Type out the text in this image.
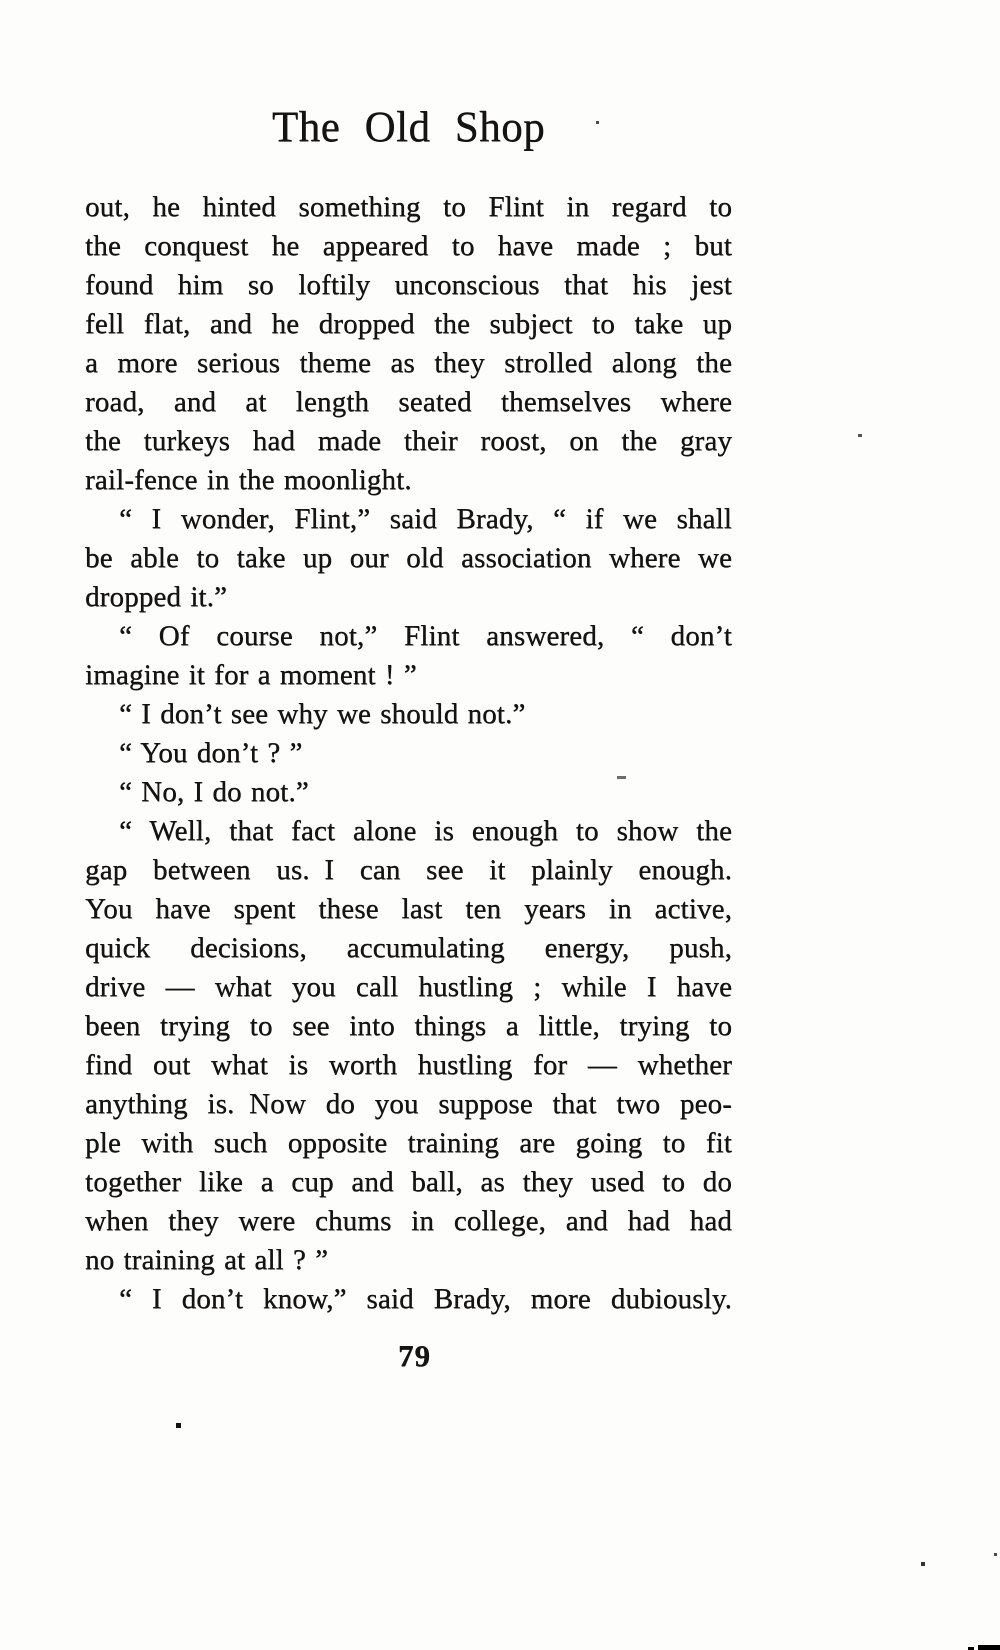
The Old Shop
out, he hinted something to Flint in regard to
the conquest he appeared to have made ; but
found him so loftily unconscious that his jest
fell flat, and he dropped the subject to take up
a more serious theme as they strolled along the
road, and at length seated themselves where
the turkeys had made their roost, on the gray
rail-fence in the moonlight.
“ I wonder, Flint,” said Brady, “ if we shall
be able to take up our old association where we
dropped it.”
“ Of course not,” Flint answered, “ don’t
imagine it for a moment ! ”
“ I don’t see why we should not.”
“ You don’t ? ”
“ No, I do not.”
“ Well, that fact alone is enough to show the
gap between us. I can see it plainly enough.
You have spent these last ten years in active,
quick decisions, accumulating energy, push,
drive — what you call hustling ; while I have
been trying to see into things a little, trying to
find out what is worth hustling for — whether
anything is. Now do you suppose that two peo-
ple with such opposite training are going to fit
together like a cup and ball, as they used to do
when they were chums in college, and had had
no training at all ? ”
“ I don’t know,” said Brady, more dubiously.
79
